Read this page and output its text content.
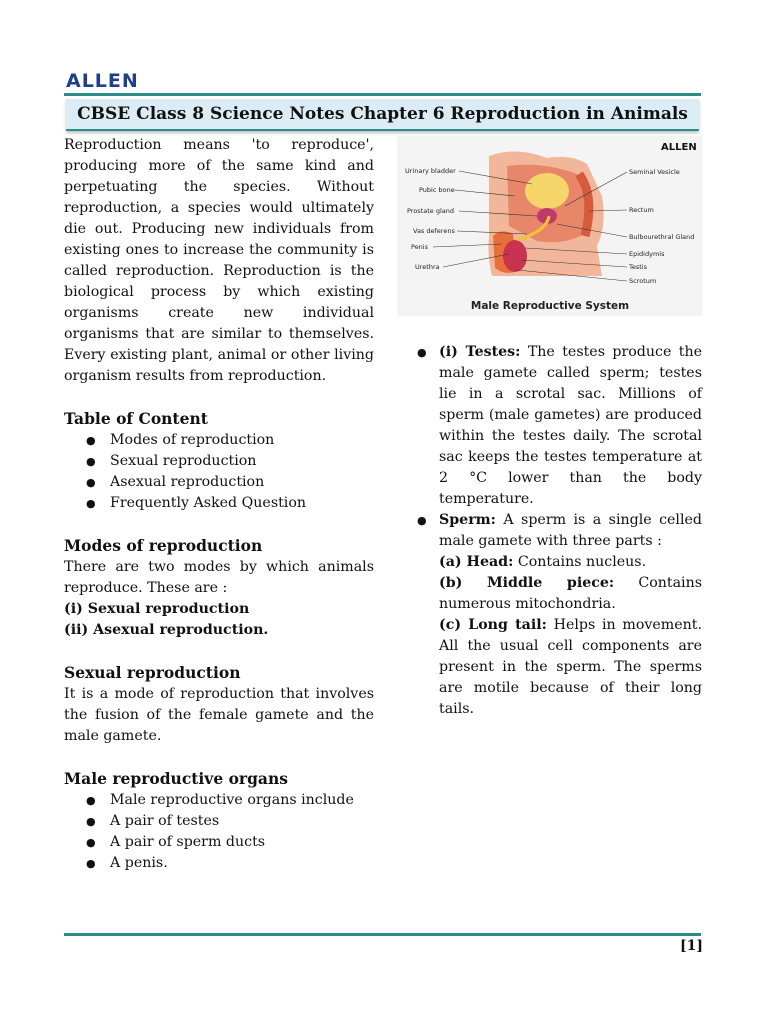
ALLEN
CBSE Class 8 Science Notes Chapter 6 Reproduction in Animals

Reproduction means 'to reproduce', producing more of the same kind and perpetuating the species. Without reproduction, a species would ultimately die out. Producing new individuals from existing ones to increase the community is called reproduction. Reproduction is the biological process by which existing organisms create new individual organisms that are similar to themselves. Every existing plant, animal or other living organism results from reproduction.

Table of Content
● Modes of reproduction
● Sexual reproduction
● Asexual reproduction
● Frequently Asked Question
Modes of reproduction

There are two modes by which animals reproduce. These are :

(i) Sexual reproduction

(ii) Asexual reproduction.

Sexual reproduction

It is a mode of reproduction that involves the fusion of the female gamete and the male gamete.

Male reproductive organs
● Male reproductive organs include
● A pair of testes
● A pair of sperm ducts
● A penis.
Urinary bladder
Pubic bone
Prostate gland
Vas deferens
Penis
Urethra
Seminal Vesicle
Rectum
Bulbourethral Gland
Epididymis
Testis
Scrotum
ALLEN
Male Reproductive System
● (i) Testes: The testes produce the male gamete called sperm; testes lie in a scrotal sac. Millions of sperm (male gametes) are produced within the testes daily. The scrotal sac keeps the testes temperature at 2 °C lower than the body temperature.
● Sperm: A sperm is a single celled male gamete with three parts :

(a) Head: Contains nucleus.

(b) Middle piece: Contains numerous mitochondria.

(c) Long tail: Helps in movement. All the usual cell components are present in the sperm. The sperms are motile because of their long tails.

[1]
